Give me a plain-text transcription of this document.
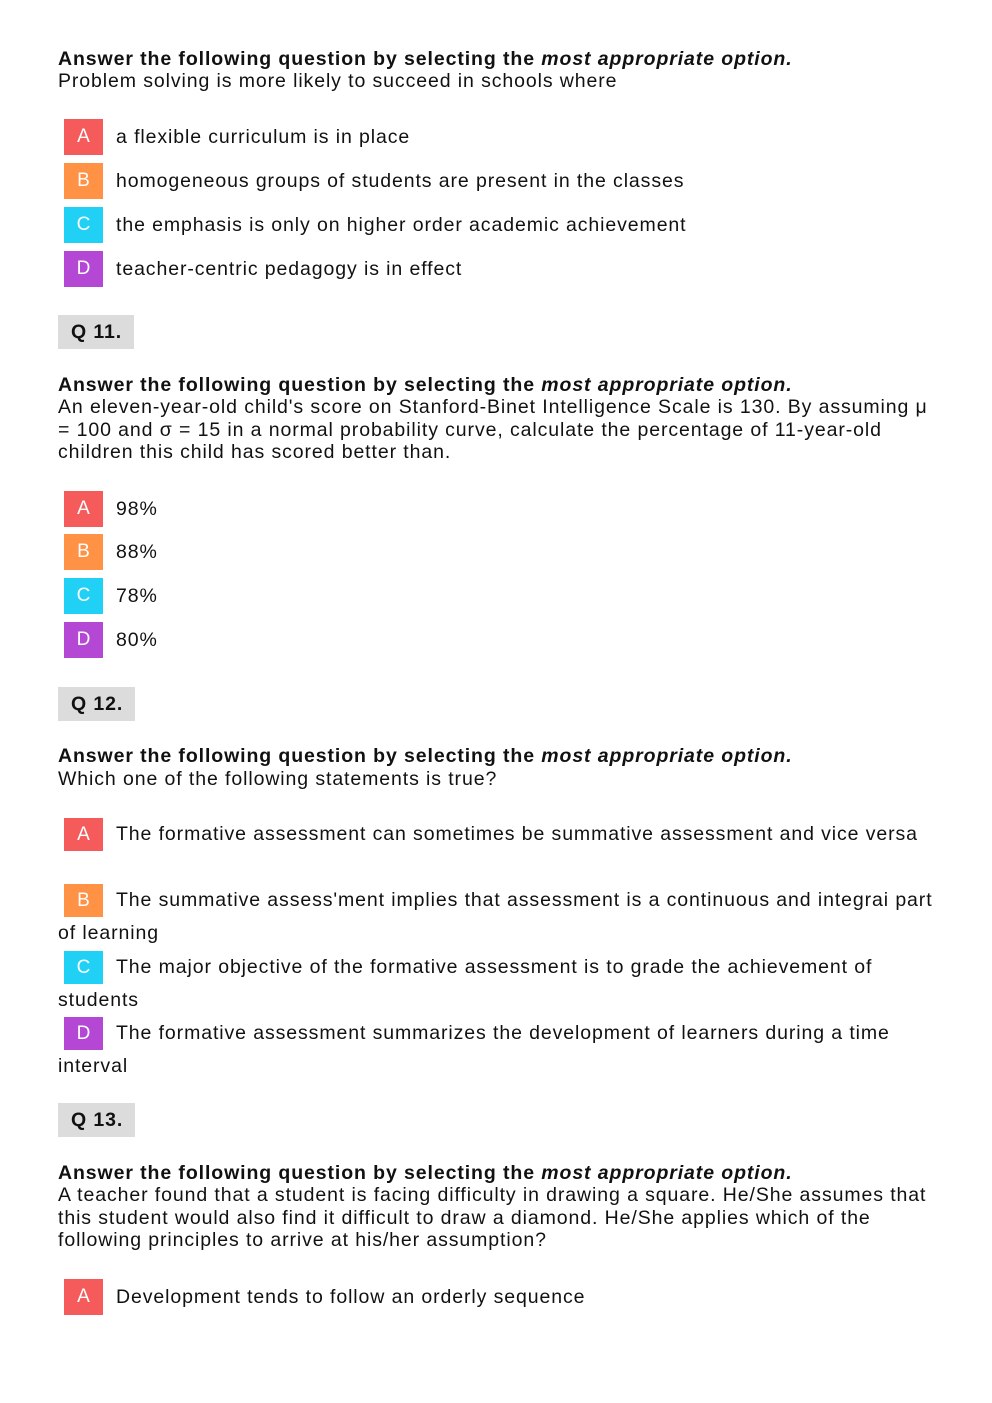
Answer the following question by selecting the most appropriate option.
Problem solving is more likely to succeed in schools where
A a flexible curriculum is in place
B homogeneous groups of students are present in the classes
C the emphasis is only on higher order academic achievement
D teacher-centric pedagogy is in effect
Q 11.
Answer the following question by selecting the most appropriate option.
An eleven-year-old child's score on Stanford-Binet Intelligence Scale is 130. By assuming μ = 100 and σ = 15 in a normal probability curve, calculate the percentage of 11-year-old children this child has scored better than.
A 98%
B 88%
C 78%
D 80%
Q 12.
Answer the following question by selecting the most appropriate option.
Which one of the following statements is true?
A The formative assessment can sometimes be summative assessment and vice versa
B The summative assess'ment implies that assessment is a continuous and integrai part of learning
C The major objective of the formative assessment is to grade the achievement of students
D The formative assessment summarizes the development of learners during a time interval
Q 13.
Answer the following question by selecting the most appropriate option.
A teacher found that a student is facing difficulty in drawing a square. He/She assumes that this student would also find it difficult to draw a diamond. He/She applies which of the following principles to arrive at his/her assumption?
A Development tends to follow an orderly sequence
